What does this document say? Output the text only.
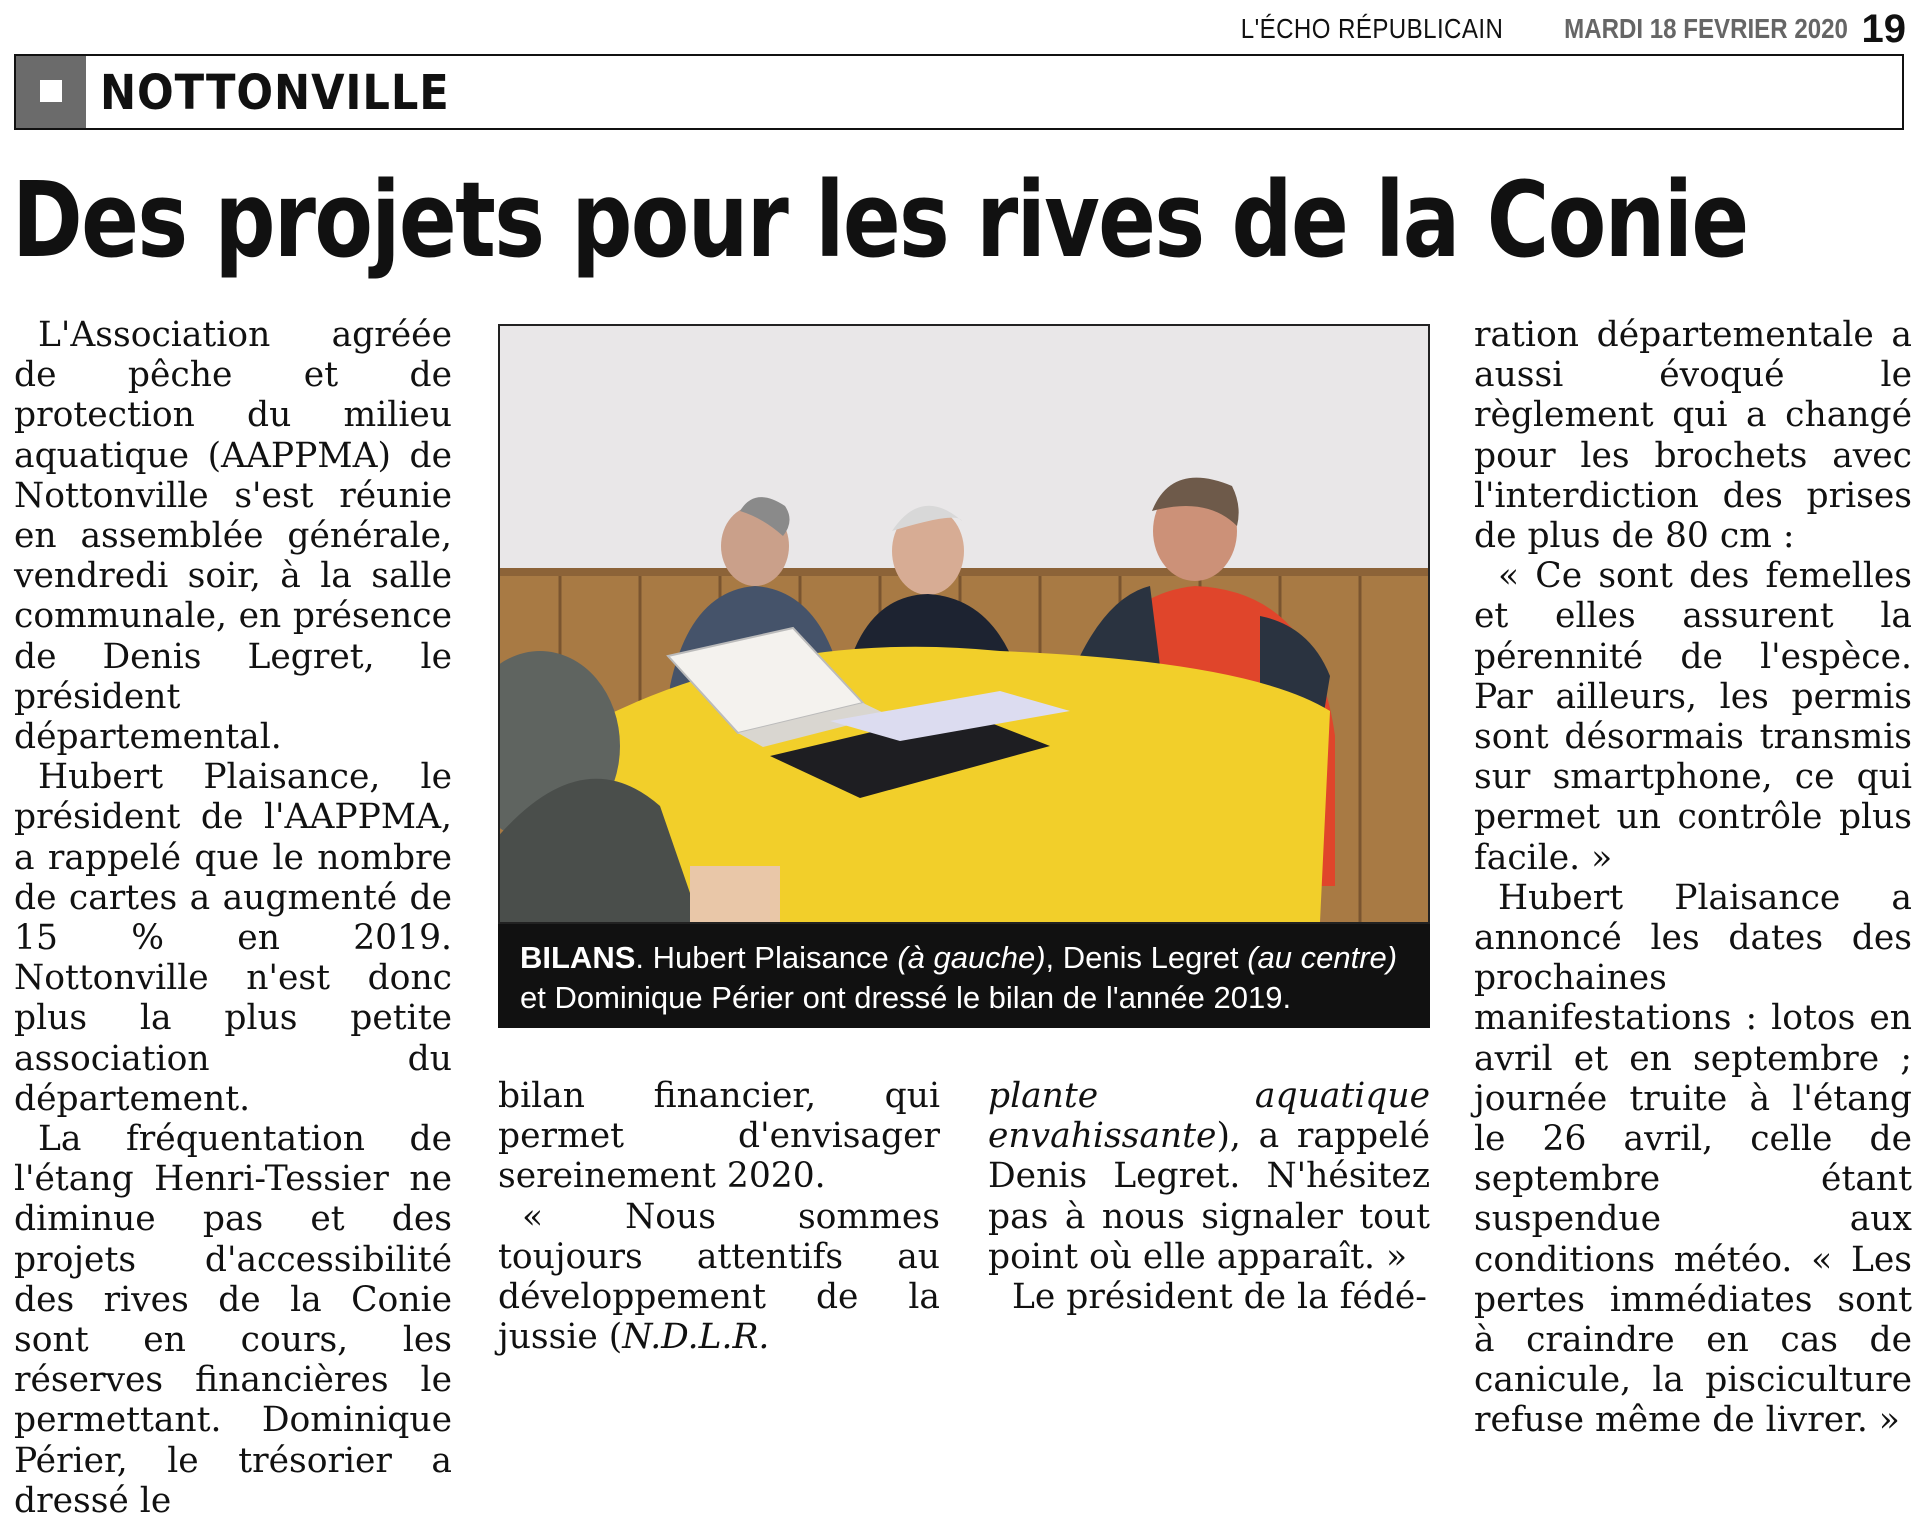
L'ÉCHO RÉPUBLICAIN MARDI 18 FEVRIER 2020 19
NOTTONVILLE
Des projets pour les rives de la Conie

L'Association agréée de pêche et de protection du milieu aquatique (AAPPMA) de Nottonville s'est réunie en assemblée générale, vendredi soir, à la salle communale, en présence de Denis Legret, le président départemental.

Hubert Plaisance, le président de l'AAPPMA, a rappelé que le nombre de cartes a augmenté de 15 % en 2019. Nottonville n'est donc plus la plus petite association du département.

La fréquentation de l'étang Henri-Tessier ne diminue pas et des projets d'accessibilité des rives de la Conie sont en cours, les réserves financières le permettant. Dominique Périer, le trésorier a dressé le

BILANS. Hubert Plaisance (à gauche), Denis Legret (au centre)
et Dominique Périer ont dressé le bilan de l'année 2019.

bilan financier, qui permet d'envisager sereinement 2020.

« Nous sommes toujours attentifs au développement de la jussie (N.D.L.R.

plante aquatique envahissante), a rappelé Denis Legret. N'hésitez pas à nous signaler tout point où elle apparaît. »

Le président de la fédé-

ration départementale a aussi évoqué le règlement qui a changé pour les brochets avec l'interdiction des prises de plus de 80 cm :

« Ce sont des femelles et elles assurent la pérennité de l'espèce. Par ailleurs, les permis sont désormais transmis sur smartphone, ce qui permet un contrôle plus facile. »

Hubert Plaisance a annoncé les dates des prochaines manifestations : lotos en avril et en septembre ; journée truite à l'étang le 26 avril, celle de septembre étant suspendue aux conditions météo. « Les pertes immédiates sont à craindre en cas de canicule, la pisciculture refuse même de livrer. »
